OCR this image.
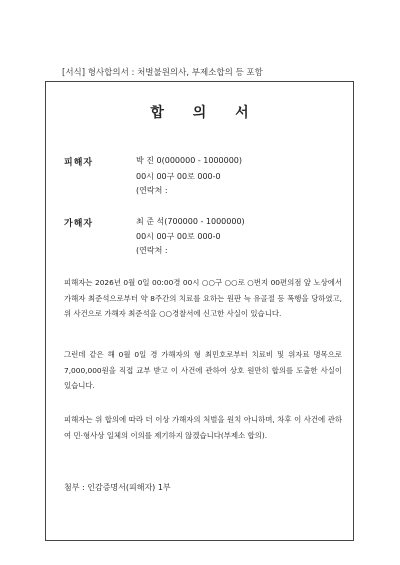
[서식] 형사합의서 : 처벌불원의사, 부제소합의 등 포함
합 의 서
피해자	박 진 0(000000 - 1000000)
00시 00구 00로 000-0
(연락처 :
가해자	최 준 석(700000 - 1000000)
00시 00구 00로 000-0
(연락처 :
피해자는 2026년 0월 0일 00:00경 00시 ○○구 ○○로 ○번지 00편의점 앞 노상에서 가해자 최준석으로부터 약 8주간의 치료를 요하는 원판 늑 유골절 등 폭행을 당하였고, 위 사건으로 가해자 최준석을 ○○경찰서에 신고한 사실이 있습니다.
그런데 같은 해 0월 0일 경 가해자의 형 최민호로부터 치료비 및 위자료 명목으로 7,000,000원을 직접 교부 받고 이 사건에 관하여 상호 원만히 합의를 도출한 사실이 있습니다.
피해자는 위 합의에 따라 더 이상 가해자의 처벌을 원치 아니하며, 차후 이 사건에 관하여 민·형사상 일체의 이의를 제기하지 않겠습니다(부제소 합의).
첨부 : 인감증명서(피해자) 1부
